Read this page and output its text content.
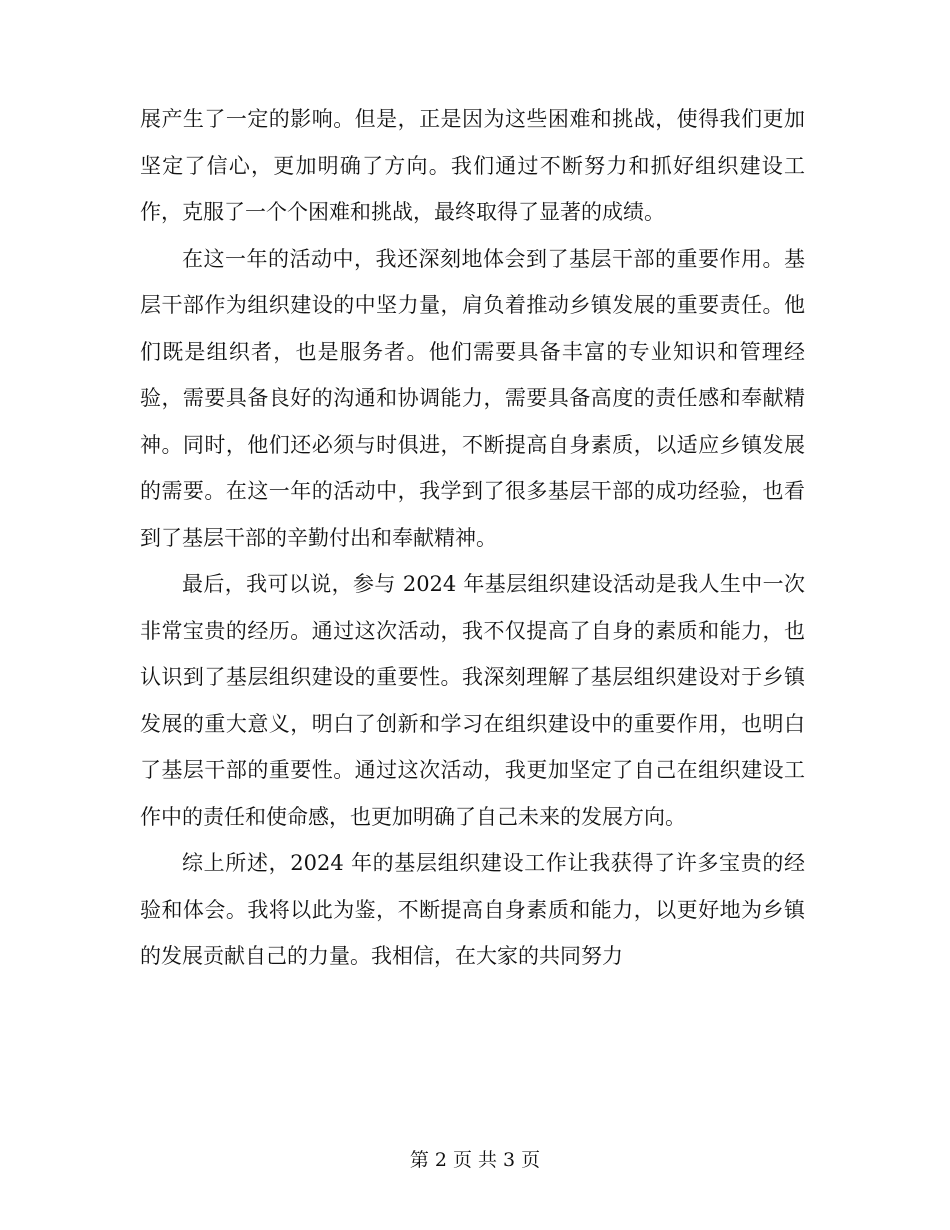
展产生了一定的影响。但是，正是因为这些困难和挑战，使得我们更加坚定了信心，更加明确了方向。我们通过不断努力和抓好组织建设工作，克服了一个个困难和挑战，最终取得了显著的成绩。

在这一年的活动中，我还深刻地体会到了基层干部的重要作用。基层干部作为组织建设的中坚力量，肩负着推动乡镇发展的重要责任。他们既是组织者，也是服务者。他们需要具备丰富的专业知识和管理经验，需要具备良好的沟通和协调能力，需要具备高度的责任感和奉献精神。同时，他们还必须与时俱进，不断提高自身素质，以适应乡镇发展的需要。在这一年的活动中，我学到了很多基层干部的成功经验，也看到了基层干部的辛勤付出和奉献精神。

最后，我可以说，参与 2024 年基层组织建设活动是我人生中一次非常宝贵的经历。通过这次活动，我不仅提高了自身的素质和能力，也认识到了基层组织建设的重要性。我深刻理解了基层组织建设对于乡镇发展的重大意义，明白了创新和学习在组织建设中的重要作用，也明白了基层干部的重要性。通过这次活动，我更加坚定了自己在组织建设工作中的责任和使命感，也更加明确了自己未来的发展方向。

综上所述，2024 年的基层组织建设工作让我获得了许多宝贵的经验和体会。我将以此为鉴，不断提高自身素质和能力，以更好地为乡镇的发展贡献自己的力量。我相信，在大家的共同努力

第 2 页 共 3 页
